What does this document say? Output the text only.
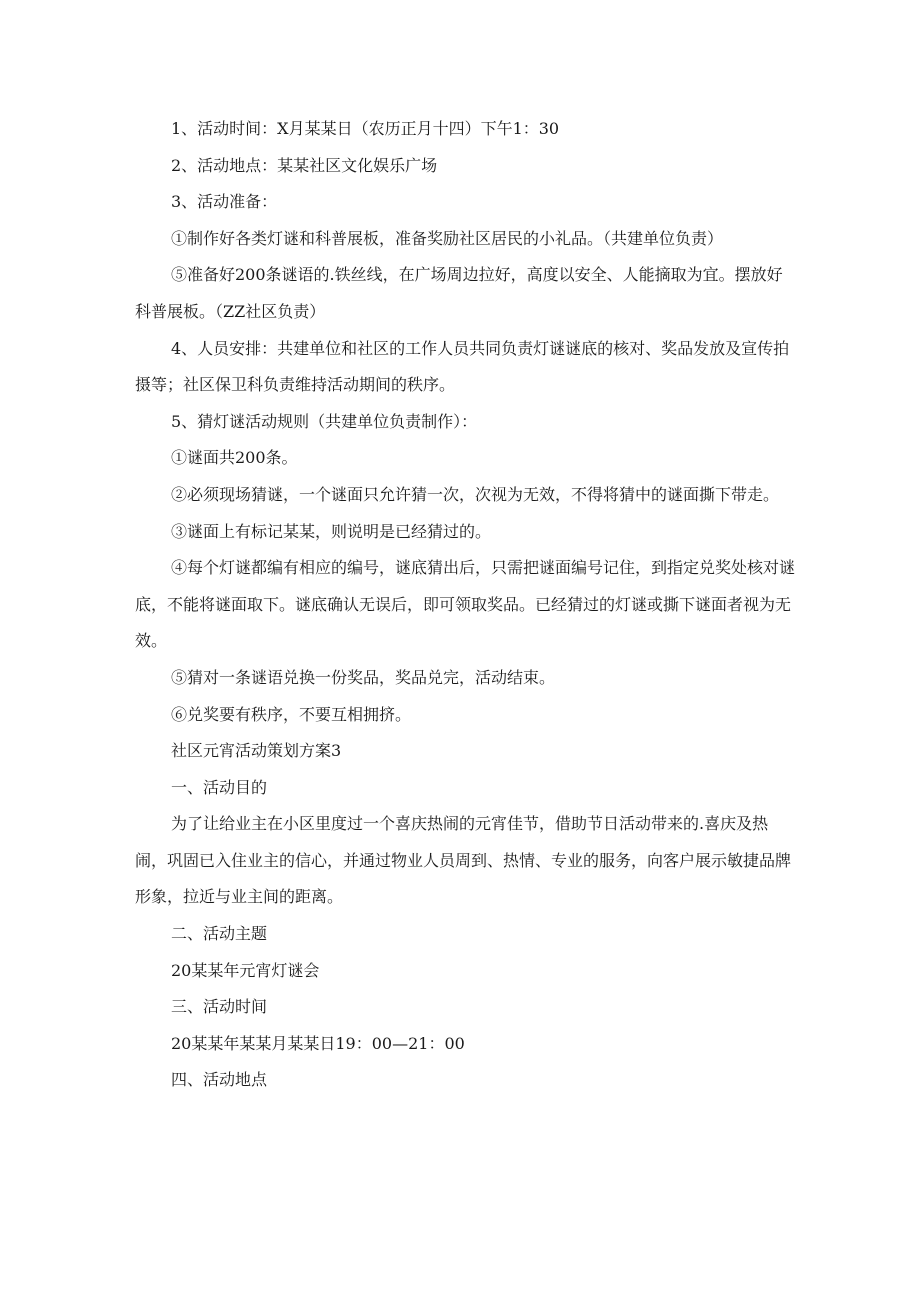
1、活动时间：X月某某日（农历正月十四）下午1：30

2、活动地点：某某社区文化娱乐广场

3、活动准备：

①制作好各类灯谜和科普展板，准备奖励社区居民的小礼品。（共建单位负责）

⑤准备好200条谜语的.铁丝线，在广场周边拉好，高度以安全、人能摘取为宜。摆放好科普展板。（ZZ社区负责）

4、人员安排：共建单位和社区的工作人员共同负责灯谜谜底的核对、奖品发放及宣传拍摄等；社区保卫科负责维持活动期间的秩序。

5、猜灯谜活动规则（共建单位负责制作）：

①谜面共200条。

②必须现场猜谜，一个谜面只允许猜一次，次视为无效，不得将猜中的谜面撕下带走。

③谜面上有标记某某，则说明是已经猜过的。

④每个灯谜都编有相应的编号，谜底猜出后，只需把谜面编号记住，到指定兑奖处核对谜底，不能将谜面取下。谜底确认无误后，即可领取奖品。已经猜过的灯谜或撕下谜面者视为无效。

⑤猜对一条谜语兑换一份奖品，奖品兑完，活动结束。

⑥兑奖要有秩序，不要互相拥挤。

社区元宵活动策划方案3

一、活动目的

为了让给业主在小区里度过一个喜庆热闹的元宵佳节，借助节日活动带来的.喜庆及热闹，巩固已入住业主的信心，并通过物业人员周到、热情、专业的服务，向客户展示敏捷品牌形象，拉近与业主间的距离。

二、活动主题

20某某年元宵灯谜会

三、活动时间

20某某年某某月某某日19：00—21：00

四、活动地点
